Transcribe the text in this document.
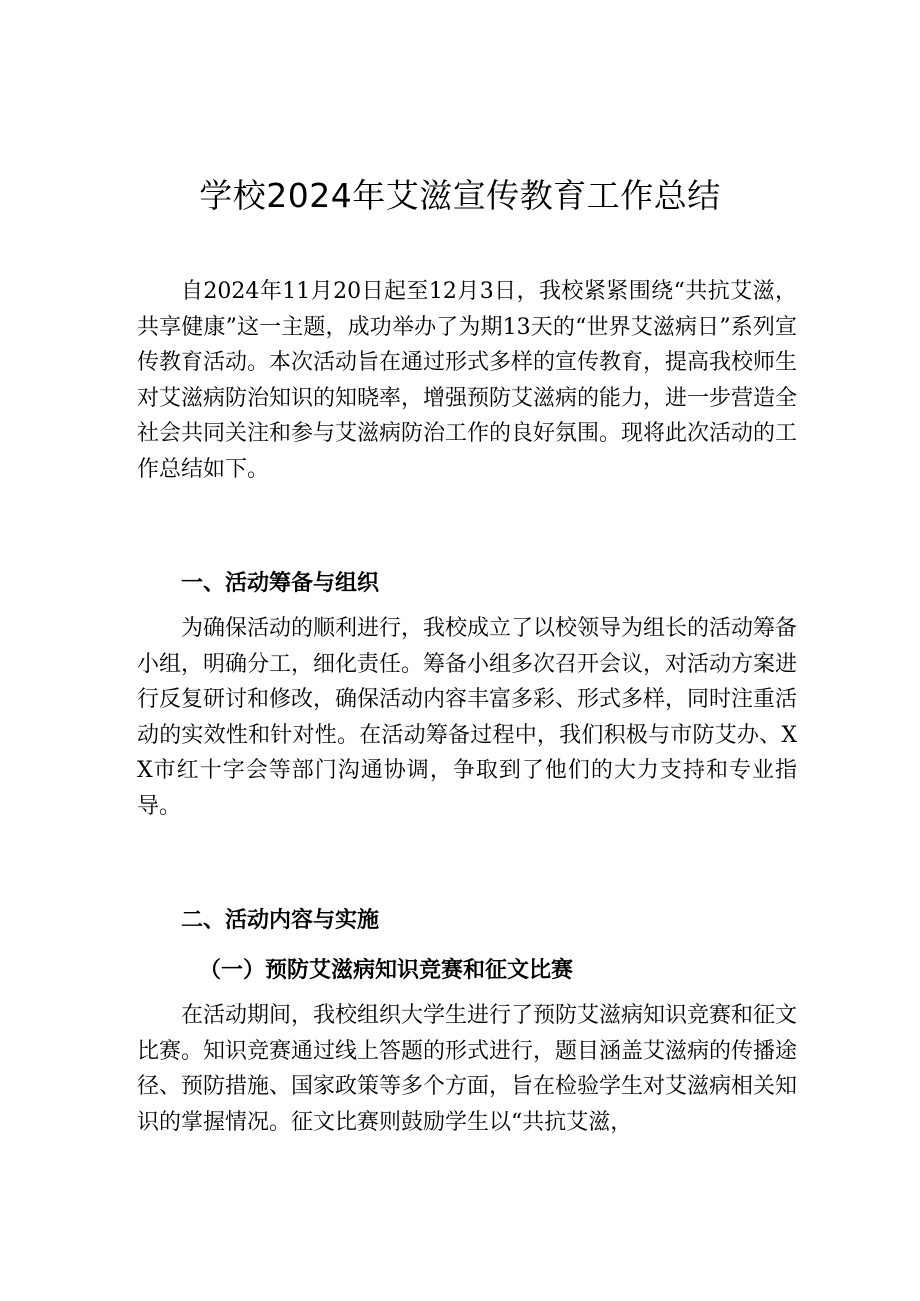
学校2024年艾滋宣传教育工作总结

自2024年11月20日起至12月3日，我校紧紧围绕“共抗艾滋，共享健康”这一主题，成功举办了为期13天的“世界艾滋病日”系列宣传教育活动。本次活动旨在通过形式多样的宣传教育，提高我校师生对艾滋病防治知识的知晓率，增强预防艾滋病的能力，进一步营造全社会共同关注和参与艾滋病防治工作的良好氛围。现将此次活动的工作总结如下。

一、活动筹备与组织

为确保活动的顺利进行，我校成立了以校领导为组长的活动筹备小组，明确分工，细化责任。筹备小组多次召开会议，对活动方案进行反复研讨和修改，确保活动内容丰富多彩、形式多样，同时注重活动的实效性和针对性。在活动筹备过程中，我们积极与市防艾办、XX市红十字会等部门沟通协调，争取到了他们的大力支持和专业指导。

二、活动内容与实施
（一）预防艾滋病知识竞赛和征文比赛

在活动期间，我校组织大学生进行了预防艾滋病知识竞赛和征文比赛。知识竞赛通过线上答题的形式进行，题目涵盖艾滋病的传播途径、预防措施、国家政策等多个方面，旨在检验学生对艾滋病相关知识的掌握情况。征文比赛则鼓励学生以“共抗艾滋，
